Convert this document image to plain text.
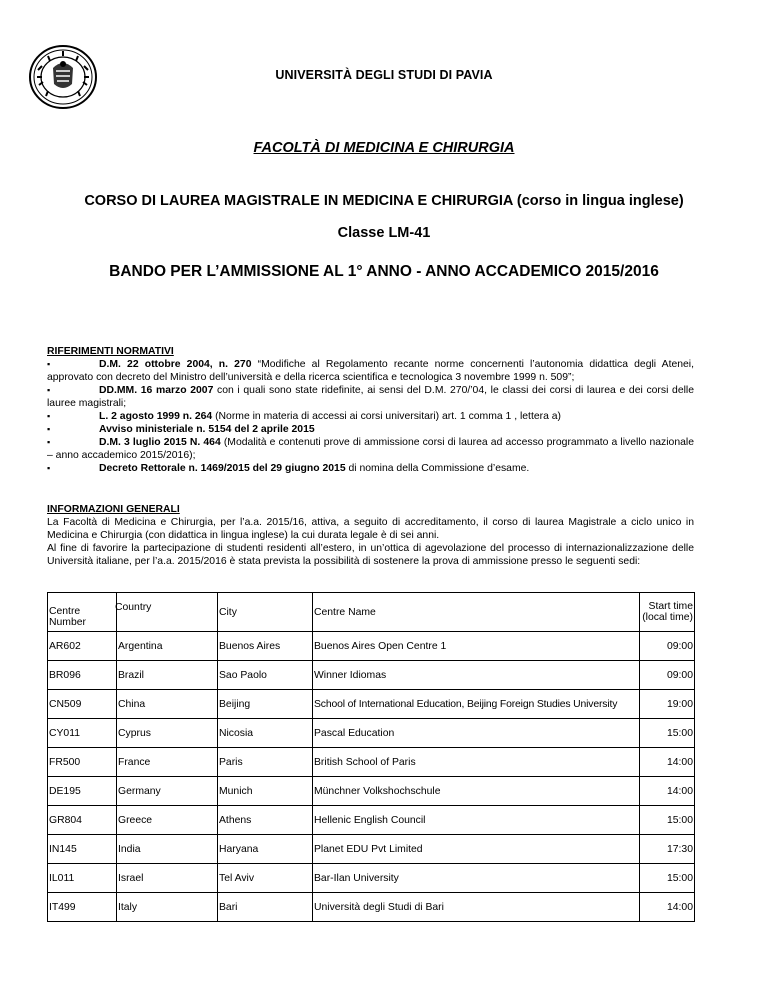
UNIVERSITÀ DEGLI STUDI DI PAVIA
FACOLTÀ DI MEDICINA E CHIRURGIA
CORSO DI LAUREA MAGISTRALE IN MEDICINA E CHIRURGIA (corso in lingua inglese)
Classe LM-41
BANDO PER L’AMMISSIONE AL 1° ANNO - ANNO ACCADEMICO 2015/2016
RIFERIMENTI NORMATIVI
▪D.M. 22 ottobre 2004, n. 270 “Modifiche al Regolamento recante norme concernenti l’autonomia didattica degli Atenei, approvato con decreto del Ministro dell’università e della ricerca scientifica e tecnologica 3 novembre 1999 n. 509”;
▪DD.MM. 16 marzo 2007 con i quali sono state ridefinite, ai sensi del D.M. 270/’04, le classi dei corsi di laurea e dei corsi delle lauree magistrali;
▪L. 2 agosto 1999 n. 264 (Norme in materia di accessi ai corsi universitari) art. 1 comma 1 , lettera a)
▪Avviso ministeriale n. 5154 del 2 aprile 2015
▪D.M. 3 luglio 2015 N. 464 (Modalità e contenuti prove di ammissione corsi di laurea ad accesso programmato a livello nazionale – anno accademico 2015/2016);
▪Decreto Rettorale n. 1469/2015 del 29 giugno 2015 di nomina della Commissione d’esame.
INFORMAZIONI GENERALI
La Facoltà di Medicina e Chirurgia, per l’a.a. 2015/16, attiva, a seguito di accreditamento, il corso di laurea Magistrale a ciclo unico in Medicina e Chirurgia (con didattica in lingua inglese) la cui durata legale è di sei anni.
Al fine di favorire la partecipazione di studenti residenti all’estero, in un’ottica di agevolazione del processo di internazionalizzazione delle Università italiane, per l’a.a. 2015/2016 è stata prevista la possibilità di sostenere la prova di ammissione presso le seguenti sedi:
Centre Number	Country	City	Centre Name	Start time
(local time)

AR602	Argentina	Buenos Aires	Buenos Aires Open Centre 1	09:00
BR096	Brazil	Sao Paolo	Winner Idiomas	09:00
CN509	China	Beijing	School of International Education, Beijing Foreign Studies University	19:00
CY011	Cyprus	Nicosia	Pascal Education	15:00
FR500	France	Paris	British School of Paris	14:00
DE195	Germany	Munich	Münchner Volkshochschule	14:00
GR804	Greece	Athens	Hellenic English Council	15:00
IN145	India	Haryana	Planet EDU Pvt Limited	17:30
IL011	Israel	Tel Aviv	Bar-Ilan University	15:00
IT499	Italy	Bari	Università degli Studi di Bari	14:00
